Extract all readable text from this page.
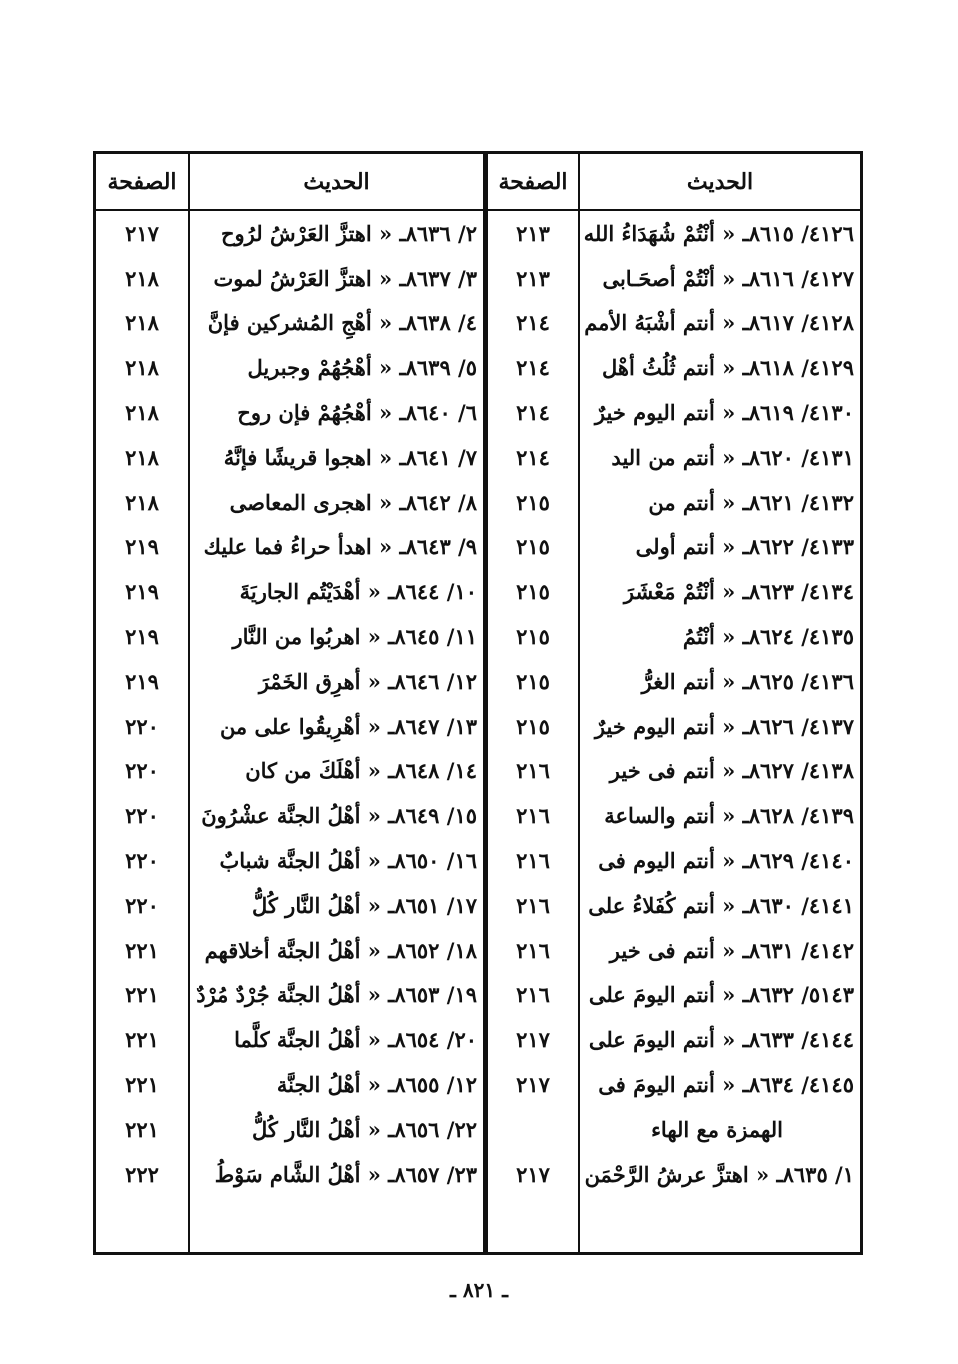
الحديث
الصفحة
الحديث
الصفحة
٤١٢٦/ ٨٦١٥ـ « أنْتُمْ شُهَدَاءُ الله
٤١٢٧/ ٨٦١٦ـ « أنْتُمْ أصحَـابى
٤١٢٨/ ٨٦١٧ـ « أنتم أشْبَهُ الأمم
٤١٢٩/ ٨٦١٨ـ « أنتم ثُلُثُ أهْل
٤١٣٠/ ٨٦١٩ـ « أنتم اليوم خيرٌ
٤١٣١/ ٨٦٢٠ـ « أنتم من اليد
٤١٣٢/ ٨٦٢١ـ « أنتم من
٤١٣٣/ ٨٦٢٢ـ « أنتم أولى
٤١٣٤/ ٨٦٢٣ـ « أنْتُمْ مَعْشَرَ
٤١٣٥/ ٨٦٢٤ـ « أنْتُمُ
٤١٣٦/ ٨٦٢٥ـ « أنتم الغرُّ
٤١٣٧/ ٨٦٢٦ـ « أنتم اليوم خيرٌ
٤١٣٨/ ٨٦٢٧ـ « أنتم فى خير
٤١٣٩/ ٨٦٢٨ـ « أنتم والساعة
٤١٤٠/ ٨٦٢٩ـ « أنتم اليوم فى
٤١٤١/ ٨٦٣٠ـ « أنتم كُفَلاءُ على
٤١٤٢/ ٨٦٣١ـ « أنتم فى خير
٥١٤٣/ ٨٦٣٢ـ « أنتم اليومَ على
٤١٤٤/ ٨٦٣٣ـ « أنتم اليومَ على
٤١٤٥/ ٨٦٣٤ـ « أنتم اليومَ فى
الهمزة مع الهاء
١/ ٨٦٣٥ـ « اهتزَّ عرشُ الرَّحْمَن
٢١٣
٢١٣
٢١٤
٢١٤
٢١٤
٢١٤
٢١٥
٢١٥
٢١٥
٢١٥
٢١٥
٢١٥
٢١٦
٢١٦
٢١٦
٢١٦
٢١٦
٢١٦
٢١٧
٢١٧
٢١٧
٢/ ٨٦٣٦ـ « اهتزَّ العَرْشُ لرُوح
٣/ ٨٦٣٧ـ « اهتزَّ العَرْشُ لموت
٤/ ٨٦٣٨ـ « أهْجِ المُشركين فإنَّ
٥/ ٨٦٣٩ـ « أهْجُهُمْ وجبريل
٦/ ٨٦٤٠ـ « أهْجُهُمْ فإن روح
٧/ ٨٦٤١ـ « اهجوا قريشًا فإنَّهُ
٨/ ٨٦٤٢ـ « اهجرى المعاصى
٩/ ٨٦٤٣ـ « اهدأ حراءُ فما عليك
١٠/ ٨٦٤٤ـ « أهْدَيْتُم الجاريَةَ
١١/ ٨٦٤٥ـ « اهربُوا من النَّار
١٢/ ٨٦٤٦ـ « أهرِق الخَمْرَ
١٣/ ٨٦٤٧ـ « أهْرِيقُوا على من
١٤/ ٨٦٤٨ـ « أهْلَكَ من كان
١٥/ ٨٦٤٩ـ « أهْلُ الجنَّة عشْرُونَ
١٦/ ٨٦٥٠ـ « أهْلُ الجنَّة شبابٌ
١٧/ ٨٦٥١ـ « أهْلُ النَّار كُلُّ
١٨/ ٨٦٥٢ـ « أهْلُ الجنَّة أخلاقهم
١٩/ ٨٦٥٣ـ « أهْلُ الجنَّة جُرْدٌ مُرْدٌ
٢٠/ ٨٦٥٤ـ « أهْلُ الجنَّة كلَّما
١٢/ ٨٦٥٥ـ « أهْلُ الجنَّة
٢٢/ ٨٦٥٦ـ « أهْلُ النَّار كُلُّ
٢٣/ ٨٦٥٧ـ « أهْلُ الشَّام سَوْطُ
٢١٧
٢١٨
٢١٨
٢١٨
٢١٨
٢١٨
٢١٨
٢١٩
٢١٩
٢١٩
٢١٩
٢٢٠
٢٢٠
٢٢٠
٢٢٠
٢٢٠
٢٢١
٢٢١
٢٢١
٢٢١
٢٢١
٢٢٢
ـ ٨٢١ ـ
